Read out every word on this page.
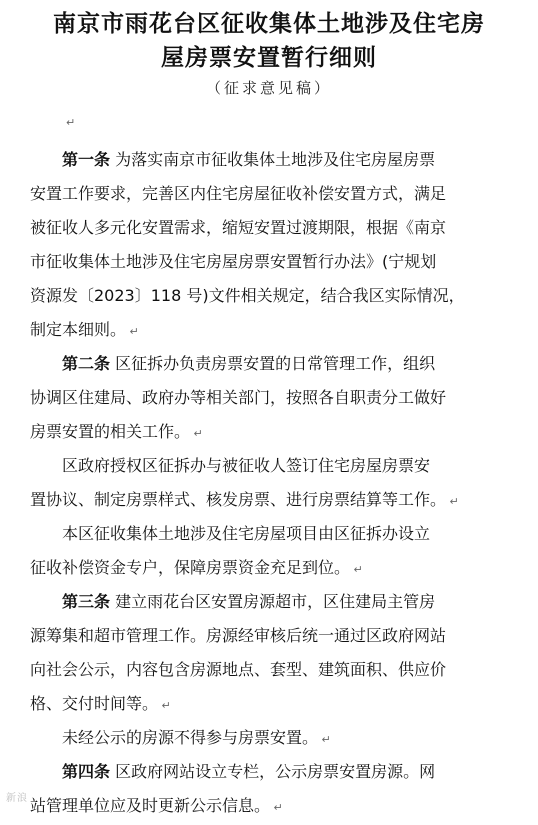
南京市雨花台区征收集体土地涉及住宅房
屋房票安置暂行细则
（征求意见稿）
↵
第一条 为落实南京市征收集体土地涉及住宅房屋房票
安置工作要求，完善区内住宅房屋征收补偿安置方式，满足
被征收人多元化安置需求，缩短安置过渡期限，根据《南京
市征收集体土地涉及住宅房屋房票安置暂行办法》(宁规划
资源发〔2023〕118 号)文件相关规定，结合我区实际情况，
制定本细则。 ↵
第二条 区征拆办负责房票安置的日常管理工作，组织
协调区住建局、政府办等相关部门，按照各自职责分工做好
房票安置的相关工作。 ↵
区政府授权区征拆办与被征收人签订住宅房屋房票安
置协议、制定房票样式、核发房票、进行房票结算等工作。 ↵
本区征收集体土地涉及住宅房屋项目由区征拆办设立
征收补偿资金专户，保障房票资金充足到位。 ↵
第三条 建立雨花台区安置房源超市，区住建局主管房
源筹集和超市管理工作。房源经审核后统一通过区政府网站
向社会公示，内容包含房源地点、套型、建筑面积、供应价
格、交付时间等。 ↵
未经公示的房源不得参与房票安置。 ↵
第四条 区政府网站设立专栏，公示房票安置房源。网
站管理单位应及时更新公示信息。 ↵
新浪
